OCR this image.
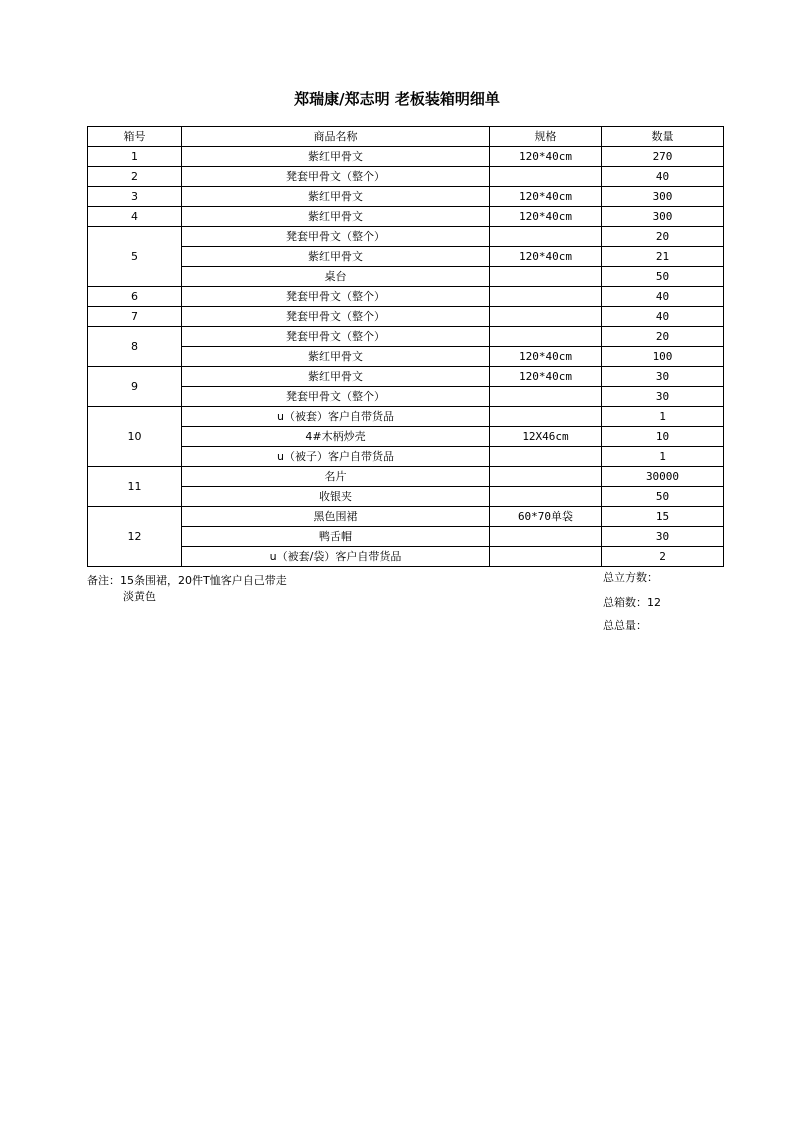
郑瑞康/郑志明 老板装箱明细单
箱号	商品名称	规格	数量
1	紫红甲骨文	120*40cm	270
2	凳套甲骨文（整个）		40
3	紫红甲骨文	120*40cm	300
4	紫红甲骨文	120*40cm	300
5	凳套甲骨文（整个）		20
	紫红甲骨文	120*40cm	21
	桌台		50
6	凳套甲骨文（整个）		40
7	凳套甲骨文（整个）		40
8	凳套甲骨文（整个）		20
	紫红甲骨文	120*40cm	100
9	紫红甲骨文	120*40cm	30
	凳套甲骨文（整个）		30
10	u（被套）客户自带货品		1
	4#木柄炒壳	12X46cm	10
	u（被子）客户自带货品		1
11	名片		30000
	收银夹		50
12	黑色围裙	60*70单袋	15
	鸭舌帽		30
	u（被套/袋）客户自带货品		2
备注：15条围裙，20件T恤客户自己带走
淡黄色
总立方数：
总箱数：12
总总量：
